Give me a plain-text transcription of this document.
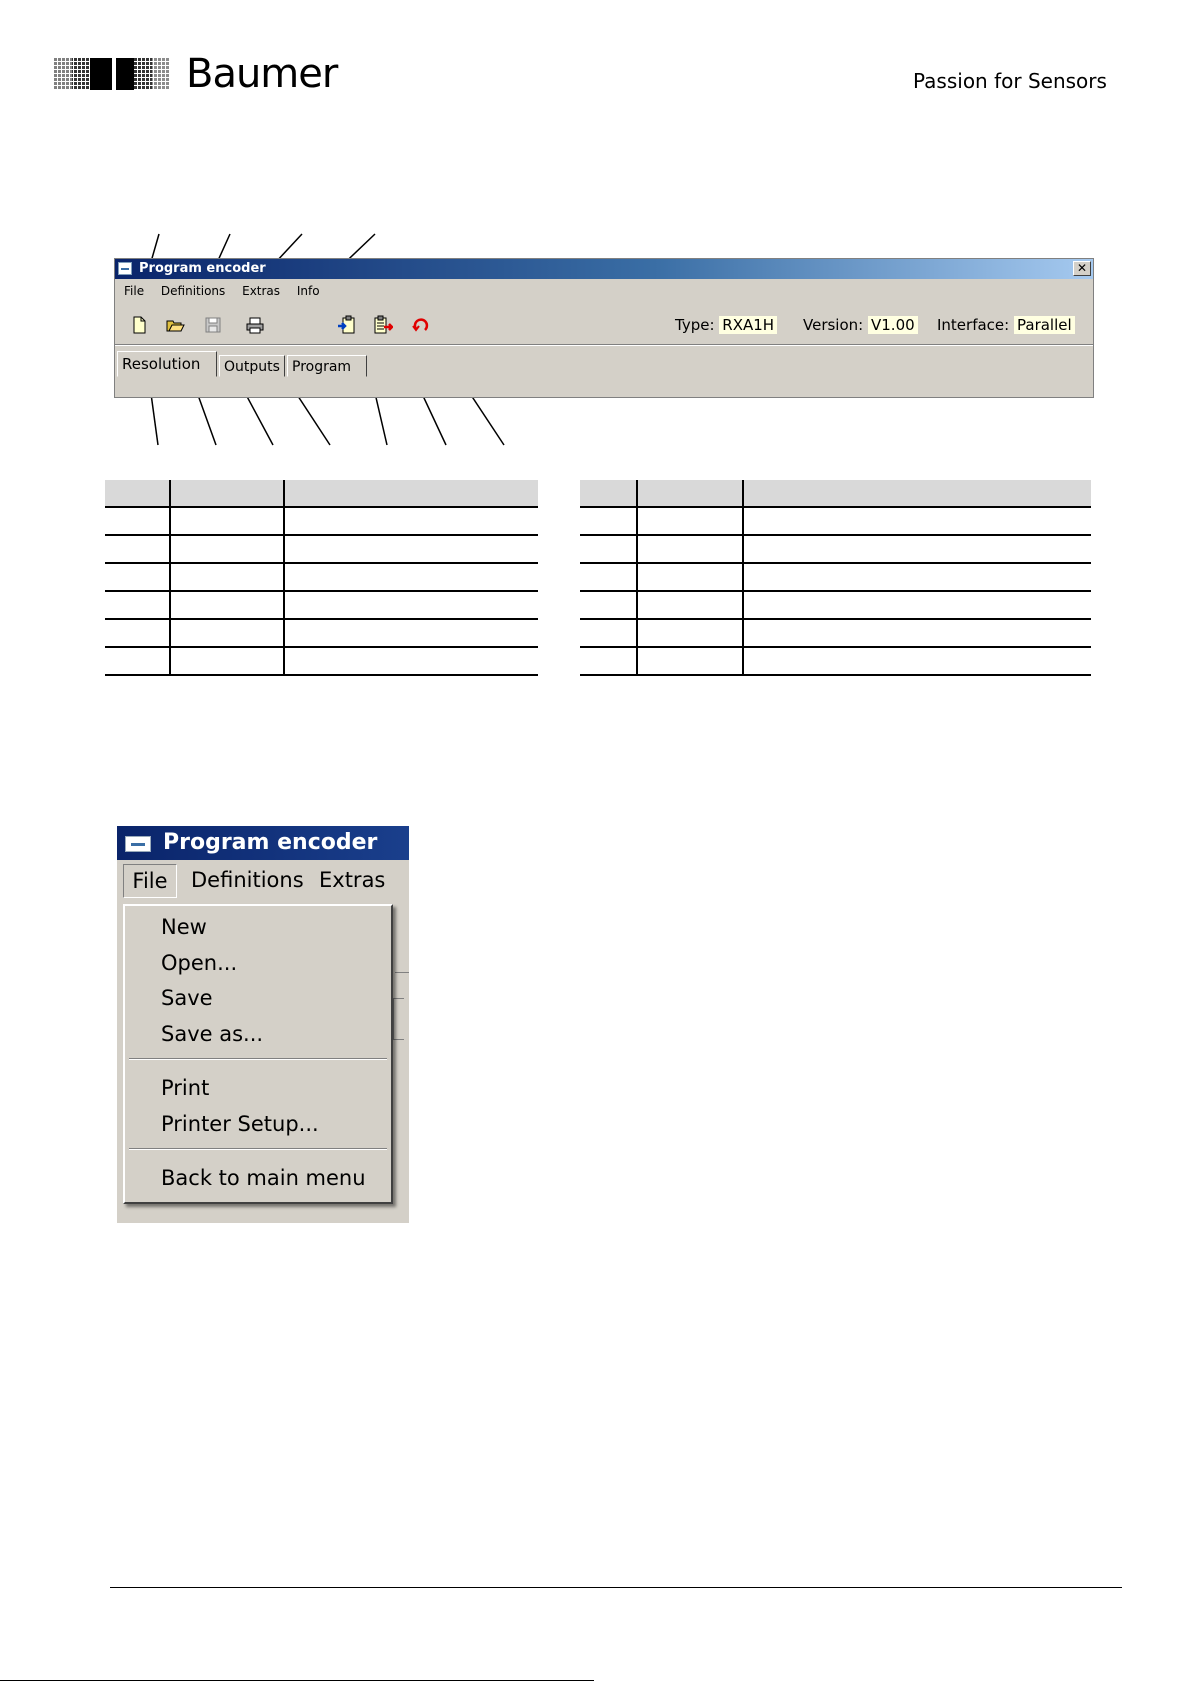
Baumer	Passion for Sensors
Program encoder	✕
File Definitions Extras Info
Type: RXA1H Version: V1.00 Interface: Parallel
Resolution	Outputs Program

Program encoder
File	Definitions Extras
New
Open...
Save
Save as...
Print
Printer Setup...
Back to main menu
